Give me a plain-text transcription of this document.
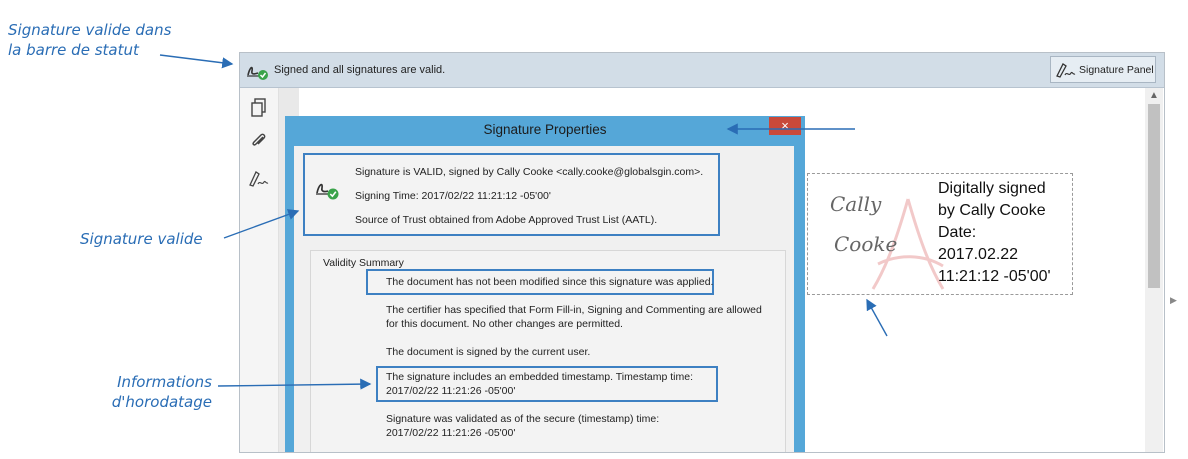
Signature valide dans
la barre de statut
Signature valide
Informations
d'horodatage
Signed and all signatures are valid.	Signature Panel
▲
Signature Properties	×
Signature is VALID, signed by Cally Cooke <cally.cooke@globalsgin.com>.
Signing Time: 2017/02/22 11:21:12 -05'00'
Source of Trust obtained from Adobe Approved Trust List (AATL).
Validity Summary
The document has not been modified since this signature was applied.
The certifier has specified that Form Fill-in, Signing and Commenting are allowed
for this document. No other changes are permitted.
The document is signed by the current user.
The signature includes an embedded timestamp. Timestamp time:
2017/02/22 11:21:26 -05'00'
Signature was validated as of the secure (timestamp) time:
2017/02/22 11:21:26 -05'00'
▶
Cally
Cooke
Digitally signed
by Cally Cooke
Date:
2017.02.22
11:21:12 -05'00'
